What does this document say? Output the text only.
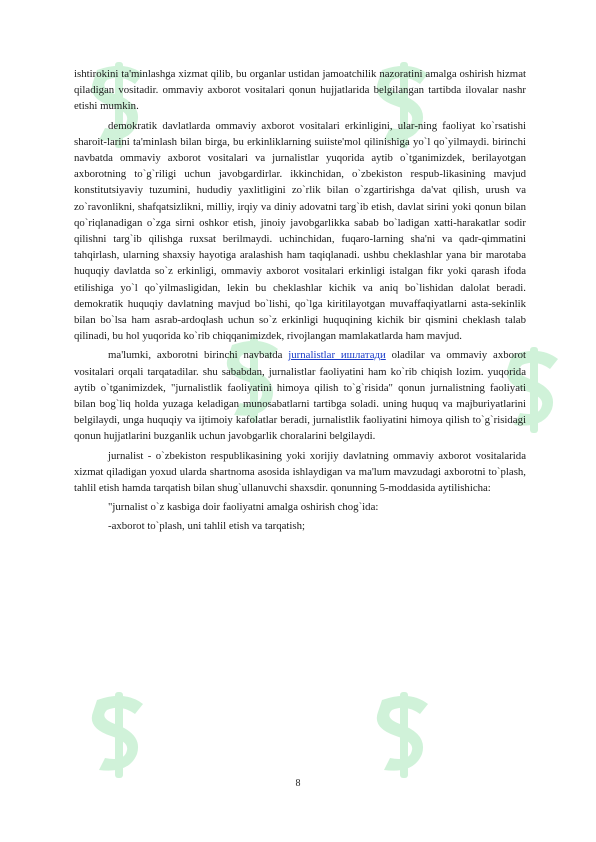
ishtirokini ta'minlashga xizmat qilib, bu organlar ustidan jamoatchilik nazoratini amalga oshirish hizmat qiladigan vositadir. ommaviy axborot vositalari qonun hujjatlarida belgilangan tartibda ilovalar nashr etishi mumkin.

demokratik davlatlarda ommaviy axborot vositalari erkinligini, ular-ning faoliyat ko`rsatishi sharoit-larini ta'minlash bilan birga, bu erkinliklarning suiiste'mol qilinishiga yo`l qo`yilmaydi. birinchi navbatda ommaviy axborot vositalari va jurnalistlar yuqorida aytib o`tganimizdek, berilayotgan axborotning to`g`riligi uchun javobgardirlar. ikkinchidan, o`zbekiston respub-likasining mavjud konstitutsiyaviy tuzumini, hududiy yaxlitligini zo`rlik bilan o`zgartirishga da'vat qilish, urush va zo`ravonlikni, shafqatsizlikni, milliy, irqiy va diniy adovatni targ`ib etish, davlat sirini yoki qonun bilan qo`riqlanadigan o`zga sirni oshkor etish, jinoiy javobgarlikka sabab bo`ladigan xatti-harakatlar sodir qilishni targ`ib qilishga ruxsat berilmaydi. uchinchidan, fuqaro-larning sha'ni va qadr-qimmatini tahqirlash, ularning shaxsiy hayotiga aralashish ham taqiqlanadi. ushbu cheklashlar yana bir marotaba huquqiy davlatda so`z erkinligi, ommaviy axborot vositalari erkinligi istalgan fikr yoki qarash ifoda etilishiga yo`l qo`yilmasligidan, lekin bu cheklashlar kichik va aniq bo`lishidan dalolat beradi. demokratik huquqiy davlatning mavjud bo`lishi, qo`lga kiritilayotgan muvaffaqiyatlarni asta-sekinlik bilan bo`lsa ham asrab-ardoqlash uchun so`z erkinligi huquqining kichik bir qismini cheklash talab qilinadi, bu hol yuqorida ko`rib chiqqanimizdek, rivojlangan mamlakatlarda ham mavjud.

ma'lumki, axborotni birinchi navbatda jurnalistlar ишлатади oladilar va ommaviy axborot vositalari orqali tarqatadilar. shu sababdan, jurnalistlar faoliyatini ham ko`rib chiqish lozim. yuqorida aytib o`tganimizdek, "jurnalistlik faoliyatini himoya qilish to`g`risida" qonun jurnalistning faoliyati bilan bog`liq holda yuzaga keladigan munosabatlarni tartibga soladi. uning huquq va majburiyatlarini belgilaydi, unga huquqiy va ijtimoiy kafolatlar beradi, jurnalistlik faoliyatini himoya qilish to`g`risidagi qonun hujjatlarini buzganlik uchun javobgarlik choralarini belgilaydi.

jurnalist - o`zbekiston respublikasining yoki xorijiy davlatning ommaviy axborot vositalarida xizmat qiladigan yoxud ularda shartnoma asosida ishlaydigan va ma'lum mavzudagi axborotni to`plash, tahlil etish hamda tarqatish bilan shug`ullanuvchi shaxsdir. qonunning 5-moddasida aytilishicha:

"jurnalist o`z kasbiga doir faoliyatni amalga oshirish chog`ida:

-axborot to`plash, uni tahlil etish va tarqatish;

8
